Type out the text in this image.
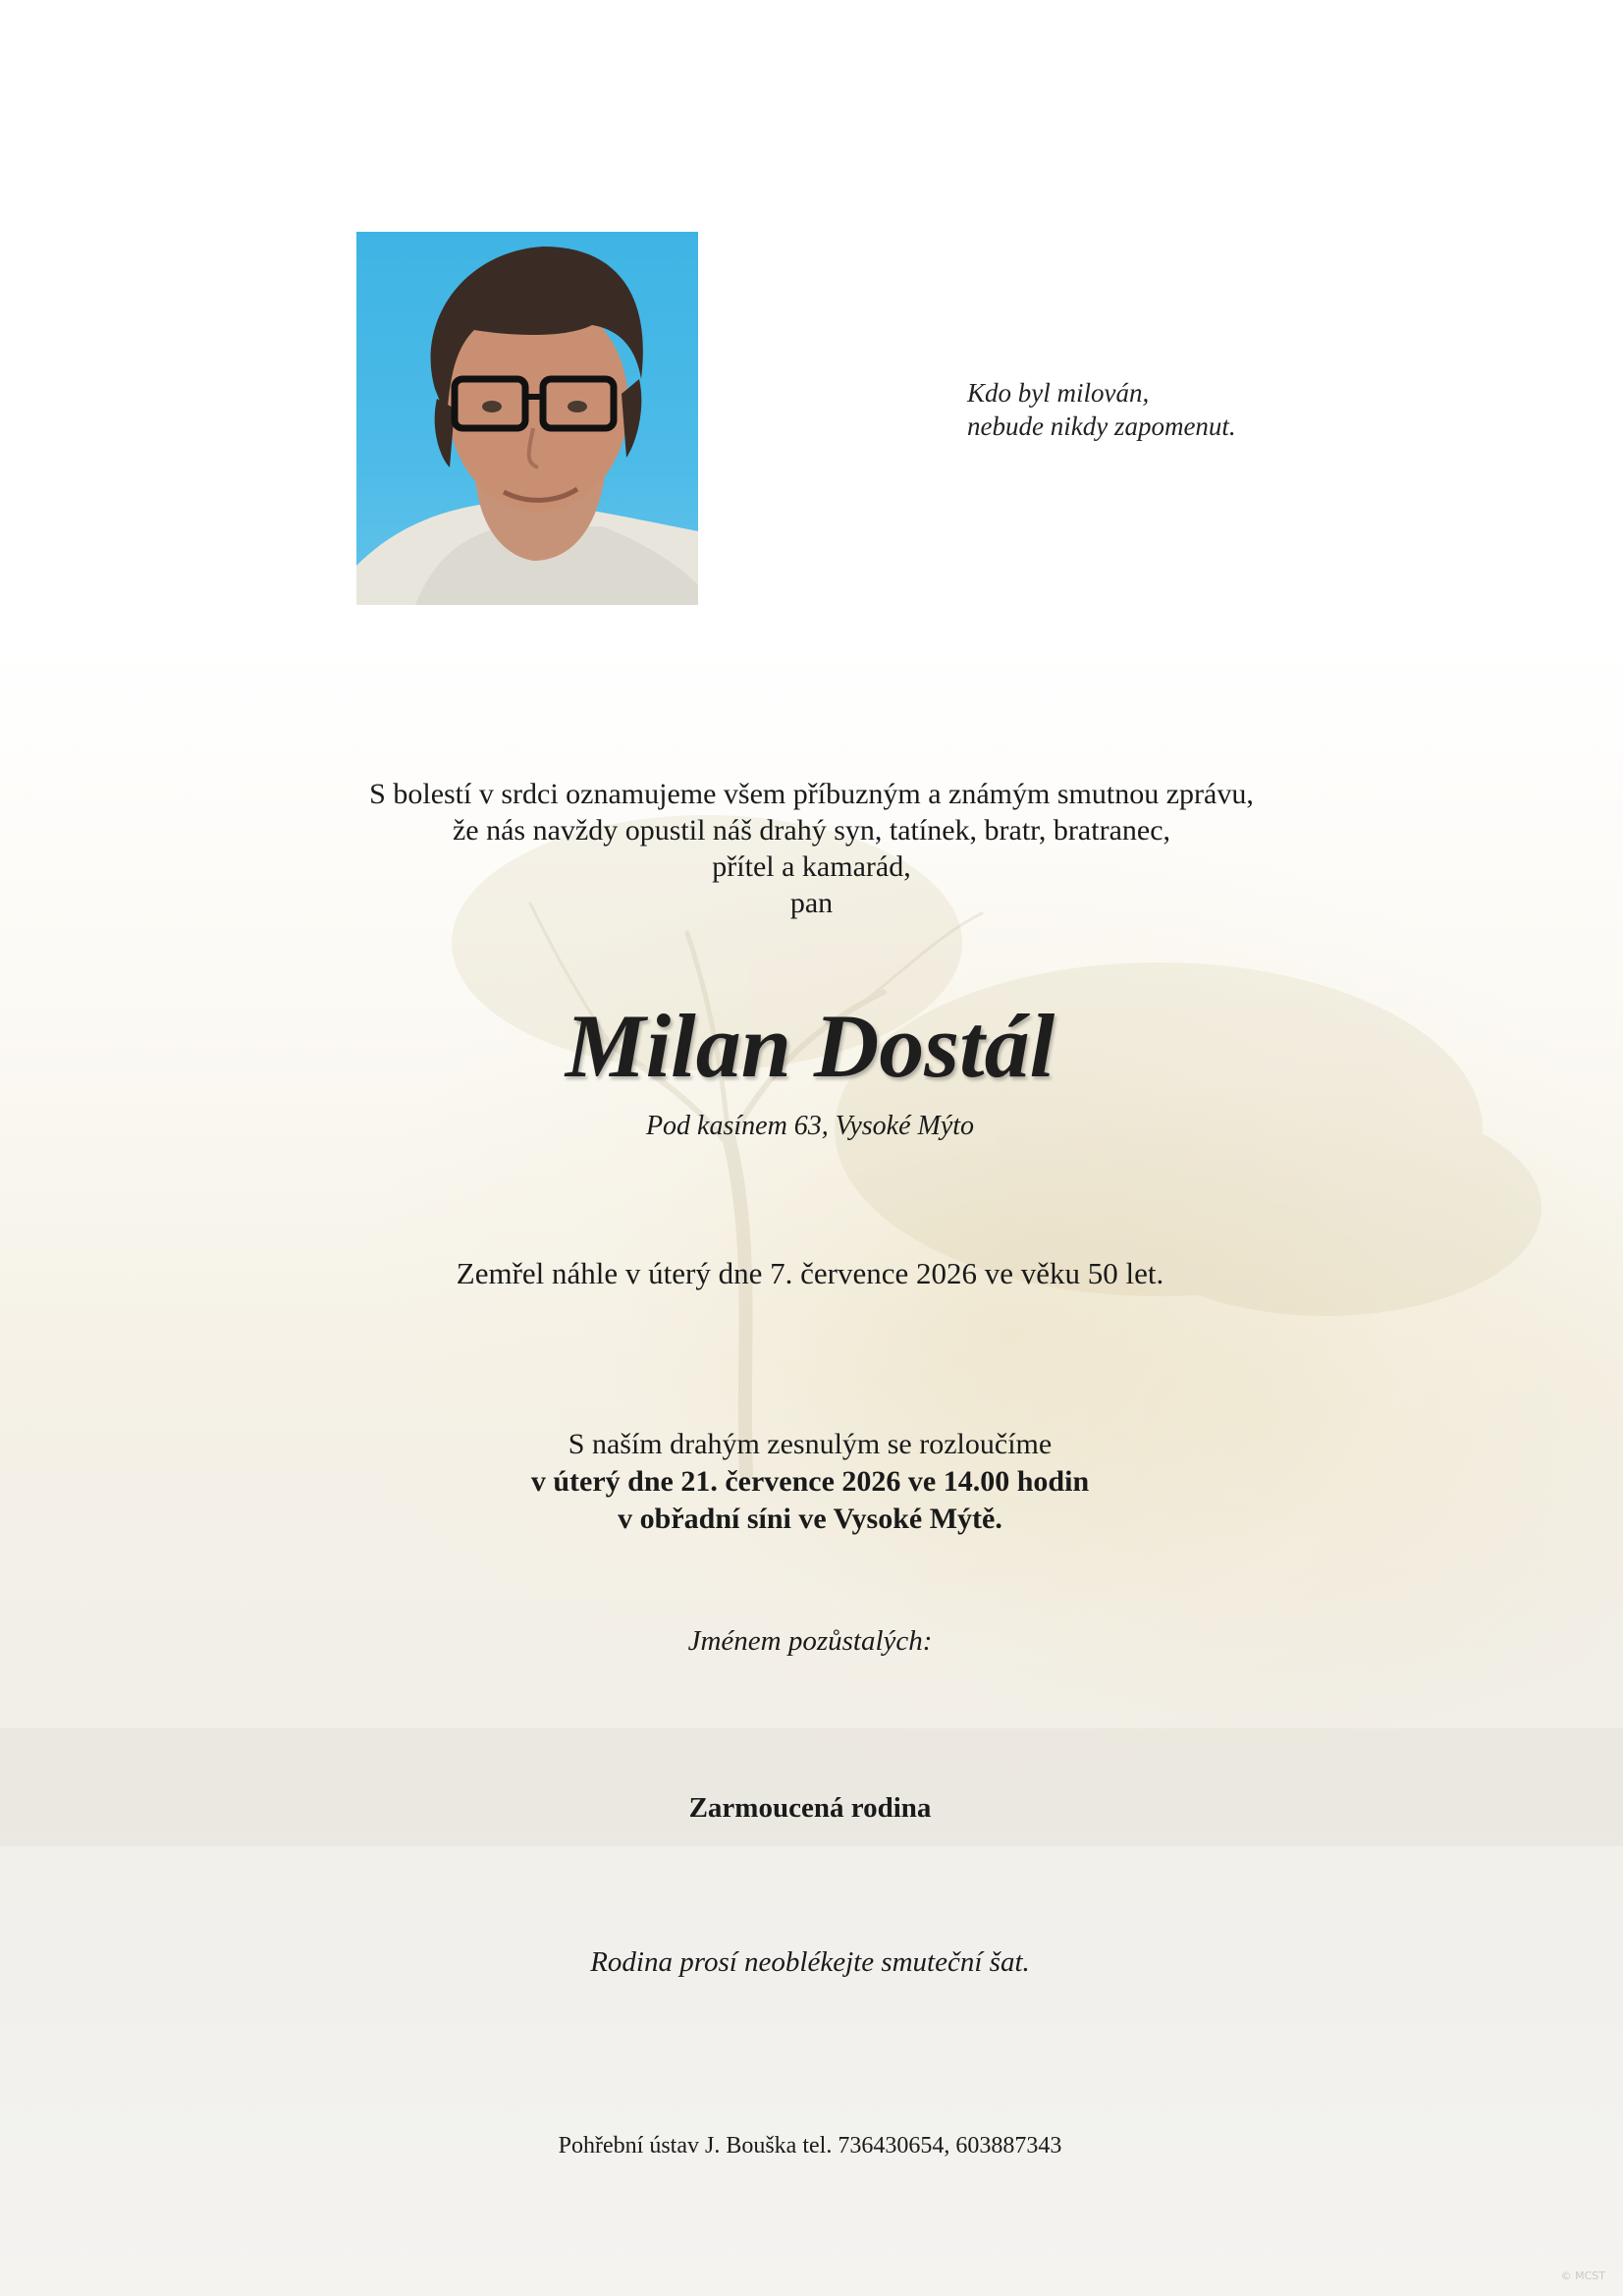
Kdo byl milován,
nebude nikdy zapomenut.
S bolestí v srdci oznamujeme všem příbuzným a známým smutnou zprávu,
že nás navždy opustil náš drahý syn, tatínek, bratr, bratranec,
přítel a kamarád,
pan
Milan Dostál
Pod kasínem 63, Vysoké Mýto
Zemřel náhle v úterý dne 7. července 2026 ve věku 50 let.
S naším drahým zesnulým se rozloučíme
v úterý dne 21. července 2026 ve 14.00 hodin
v obřadní síni ve Vysoké Mýtě.
Jménem pozůstalých:
Zarmoucená rodina
Rodina prosí neoblékejte smuteční šat.
Pohřební ústav J. Bouška tel. 736430654, 603887343
© MCST
